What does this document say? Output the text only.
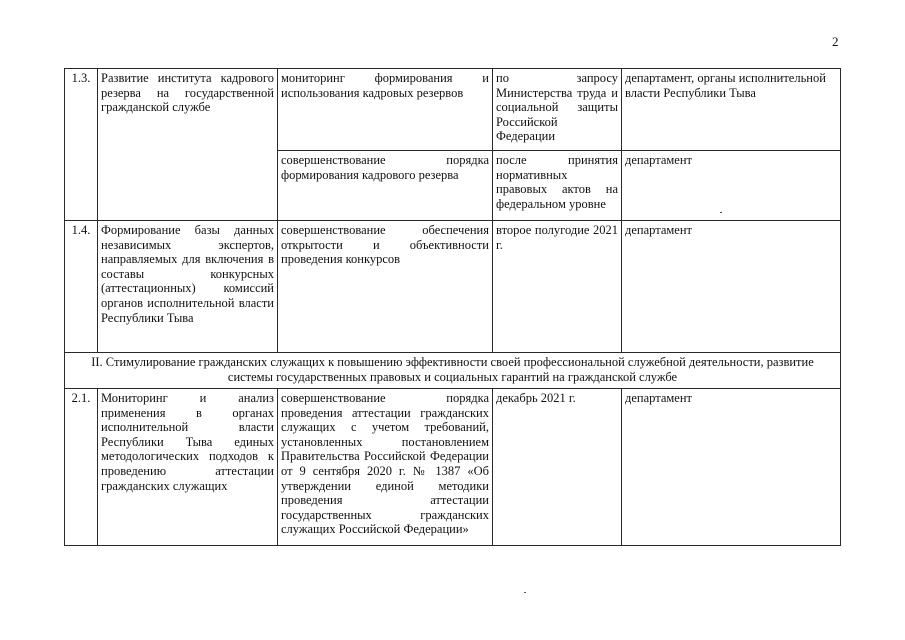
2
1.3.	Развитие института кадрового резерва на государственной гражданской службе	мониторинг формирования и использования кадровых резервов	по запросу Министерства труда и социальной защиты Российской Федерации	департамент, органы исполнительной власти Республики Тыва
		совершенствование порядка формирования кадрового резерва	после принятия нормативных правовых актов на федеральном уровне	департамент
1.4.	Формирование базы данных независимых экспертов, направляемых для включения в составы конкурсных (аттестационных) комиссий органов исполнительной власти Республики Тыва	совершенствование обеспечения открытости и объективности проведения конкурсов	второе полугодие 2021 г.	департамент
II. Стимулирование гражданских служащих к повышению эффективности своей профессиональной служебной деятельности, развитие системы государственных правовых и социальных гарантий на гражданской службе				
2.1.	Мониторинг и анализ применения в органах исполнительной власти Республики Тыва единых методологических подходов к проведению аттестации гражданских служащих	совершенствование порядка проведения аттестации гражданских служащих с учетом требований, установленных постановлением Правительства Российской Федерации от 9 сентября 2020 г. № 1387 «Об утверждении единой методики проведения аттестации государственных гражданских служащих Российской Федерации»	декабрь 2021 г.	департамент
